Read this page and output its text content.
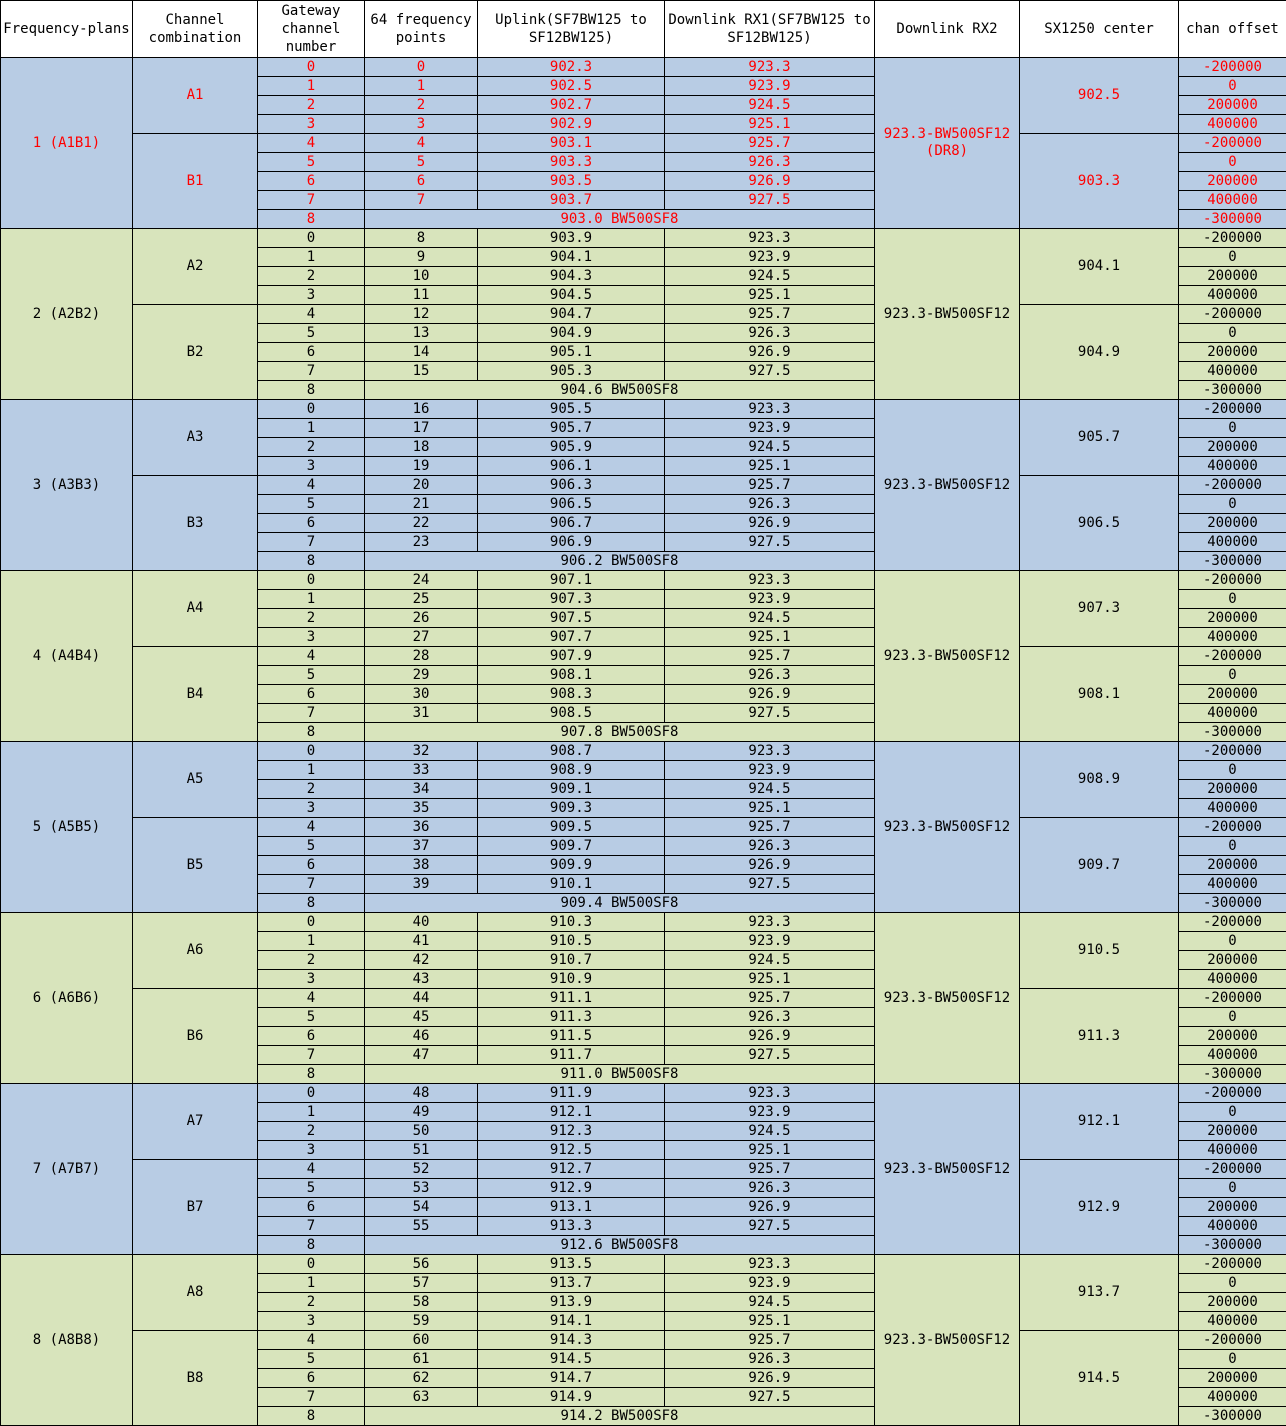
Frequency-plans	Channel combination	Gateway channel number	64 frequency points	Uplink(SF7BW125 to SF12BW125)	Downlink RX1(SF7BW125 to SF12BW125)	Downlink RX2	SX1250 center	chan offset
1 (A1B1)	A1	0	0	902.3	923.3	923.3-BW500SF12(DR8)	902.5	-200000
		1	1	902.5	923.9			0
		2	2	902.7	924.5			200000
		3	3	902.9	925.1			400000
	B1	4	4	903.1	925.7		903.3	-200000
		5	5	903.3	926.3			0
		6	6	903.5	926.9			200000
		7	7	903.7	927.5			400000
		8	903.0 BW500SF8					-300000
2 (A2B2)	A2	0	8	903.9	923.3	923.3-BW500SF12	904.1	-200000
		1	9	904.1	923.9			0
		2	10	904.3	924.5			200000
		3	11	904.5	925.1			400000
	B2	4	12	904.7	925.7		904.9	-200000
		5	13	904.9	926.3			0
		6	14	905.1	926.9			200000
		7	15	905.3	927.5			400000
		8	904.6 BW500SF8					-300000
3 (A3B3)	A3	0	16	905.5	923.3	923.3-BW500SF12	905.7	-200000
		1	17	905.7	923.9			0
		2	18	905.9	924.5			200000
		3	19	906.1	925.1			400000
	B3	4	20	906.3	925.7		906.5	-200000
		5	21	906.5	926.3			0
		6	22	906.7	926.9			200000
		7	23	906.9	927.5			400000
		8	906.2 BW500SF8					-300000
4 (A4B4)	A4	0	24	907.1	923.3	923.3-BW500SF12	907.3	-200000
		1	25	907.3	923.9			0
		2	26	907.5	924.5			200000
		3	27	907.7	925.1			400000
	B4	4	28	907.9	925.7		908.1	-200000
		5	29	908.1	926.3			0
		6	30	908.3	926.9			200000
		7	31	908.5	927.5			400000
		8	907.8 BW500SF8					-300000
5 (A5B5)	A5	0	32	908.7	923.3	923.3-BW500SF12	908.9	-200000
		1	33	908.9	923.9			0
		2	34	909.1	924.5			200000
		3	35	909.3	925.1			400000
	B5	4	36	909.5	925.7		909.7	-200000
		5	37	909.7	926.3			0
		6	38	909.9	926.9			200000
		7	39	910.1	927.5			400000
		8	909.4 BW500SF8					-300000
6 (A6B6)	A6	0	40	910.3	923.3	923.3-BW500SF12	910.5	-200000
		1	41	910.5	923.9			0
		2	42	910.7	924.5			200000
		3	43	910.9	925.1			400000
	B6	4	44	911.1	925.7		911.3	-200000
		5	45	911.3	926.3			0
		6	46	911.5	926.9			200000
		7	47	911.7	927.5			400000
		8	911.0 BW500SF8					-300000
7 (A7B7)	A7	0	48	911.9	923.3	923.3-BW500SF12	912.1	-200000
		1	49	912.1	923.9			0
		2	50	912.3	924.5			200000
		3	51	912.5	925.1			400000
	B7	4	52	912.7	925.7		912.9	-200000
		5	53	912.9	926.3			0
		6	54	913.1	926.9			200000
		7	55	913.3	927.5			400000
		8	912.6 BW500SF8					-300000
8 (A8B8)	A8	0	56	913.5	923.3	923.3-BW500SF12	913.7	-200000
		1	57	913.7	923.9			0
		2	58	913.9	924.5			200000
		3	59	914.1	925.1			400000
	B8	4	60	914.3	925.7		914.5	-200000
		5	61	914.5	926.3			0
		6	62	914.7	926.9			200000
		7	63	914.9	927.5			400000
		8	914.2 BW500SF8					-300000
